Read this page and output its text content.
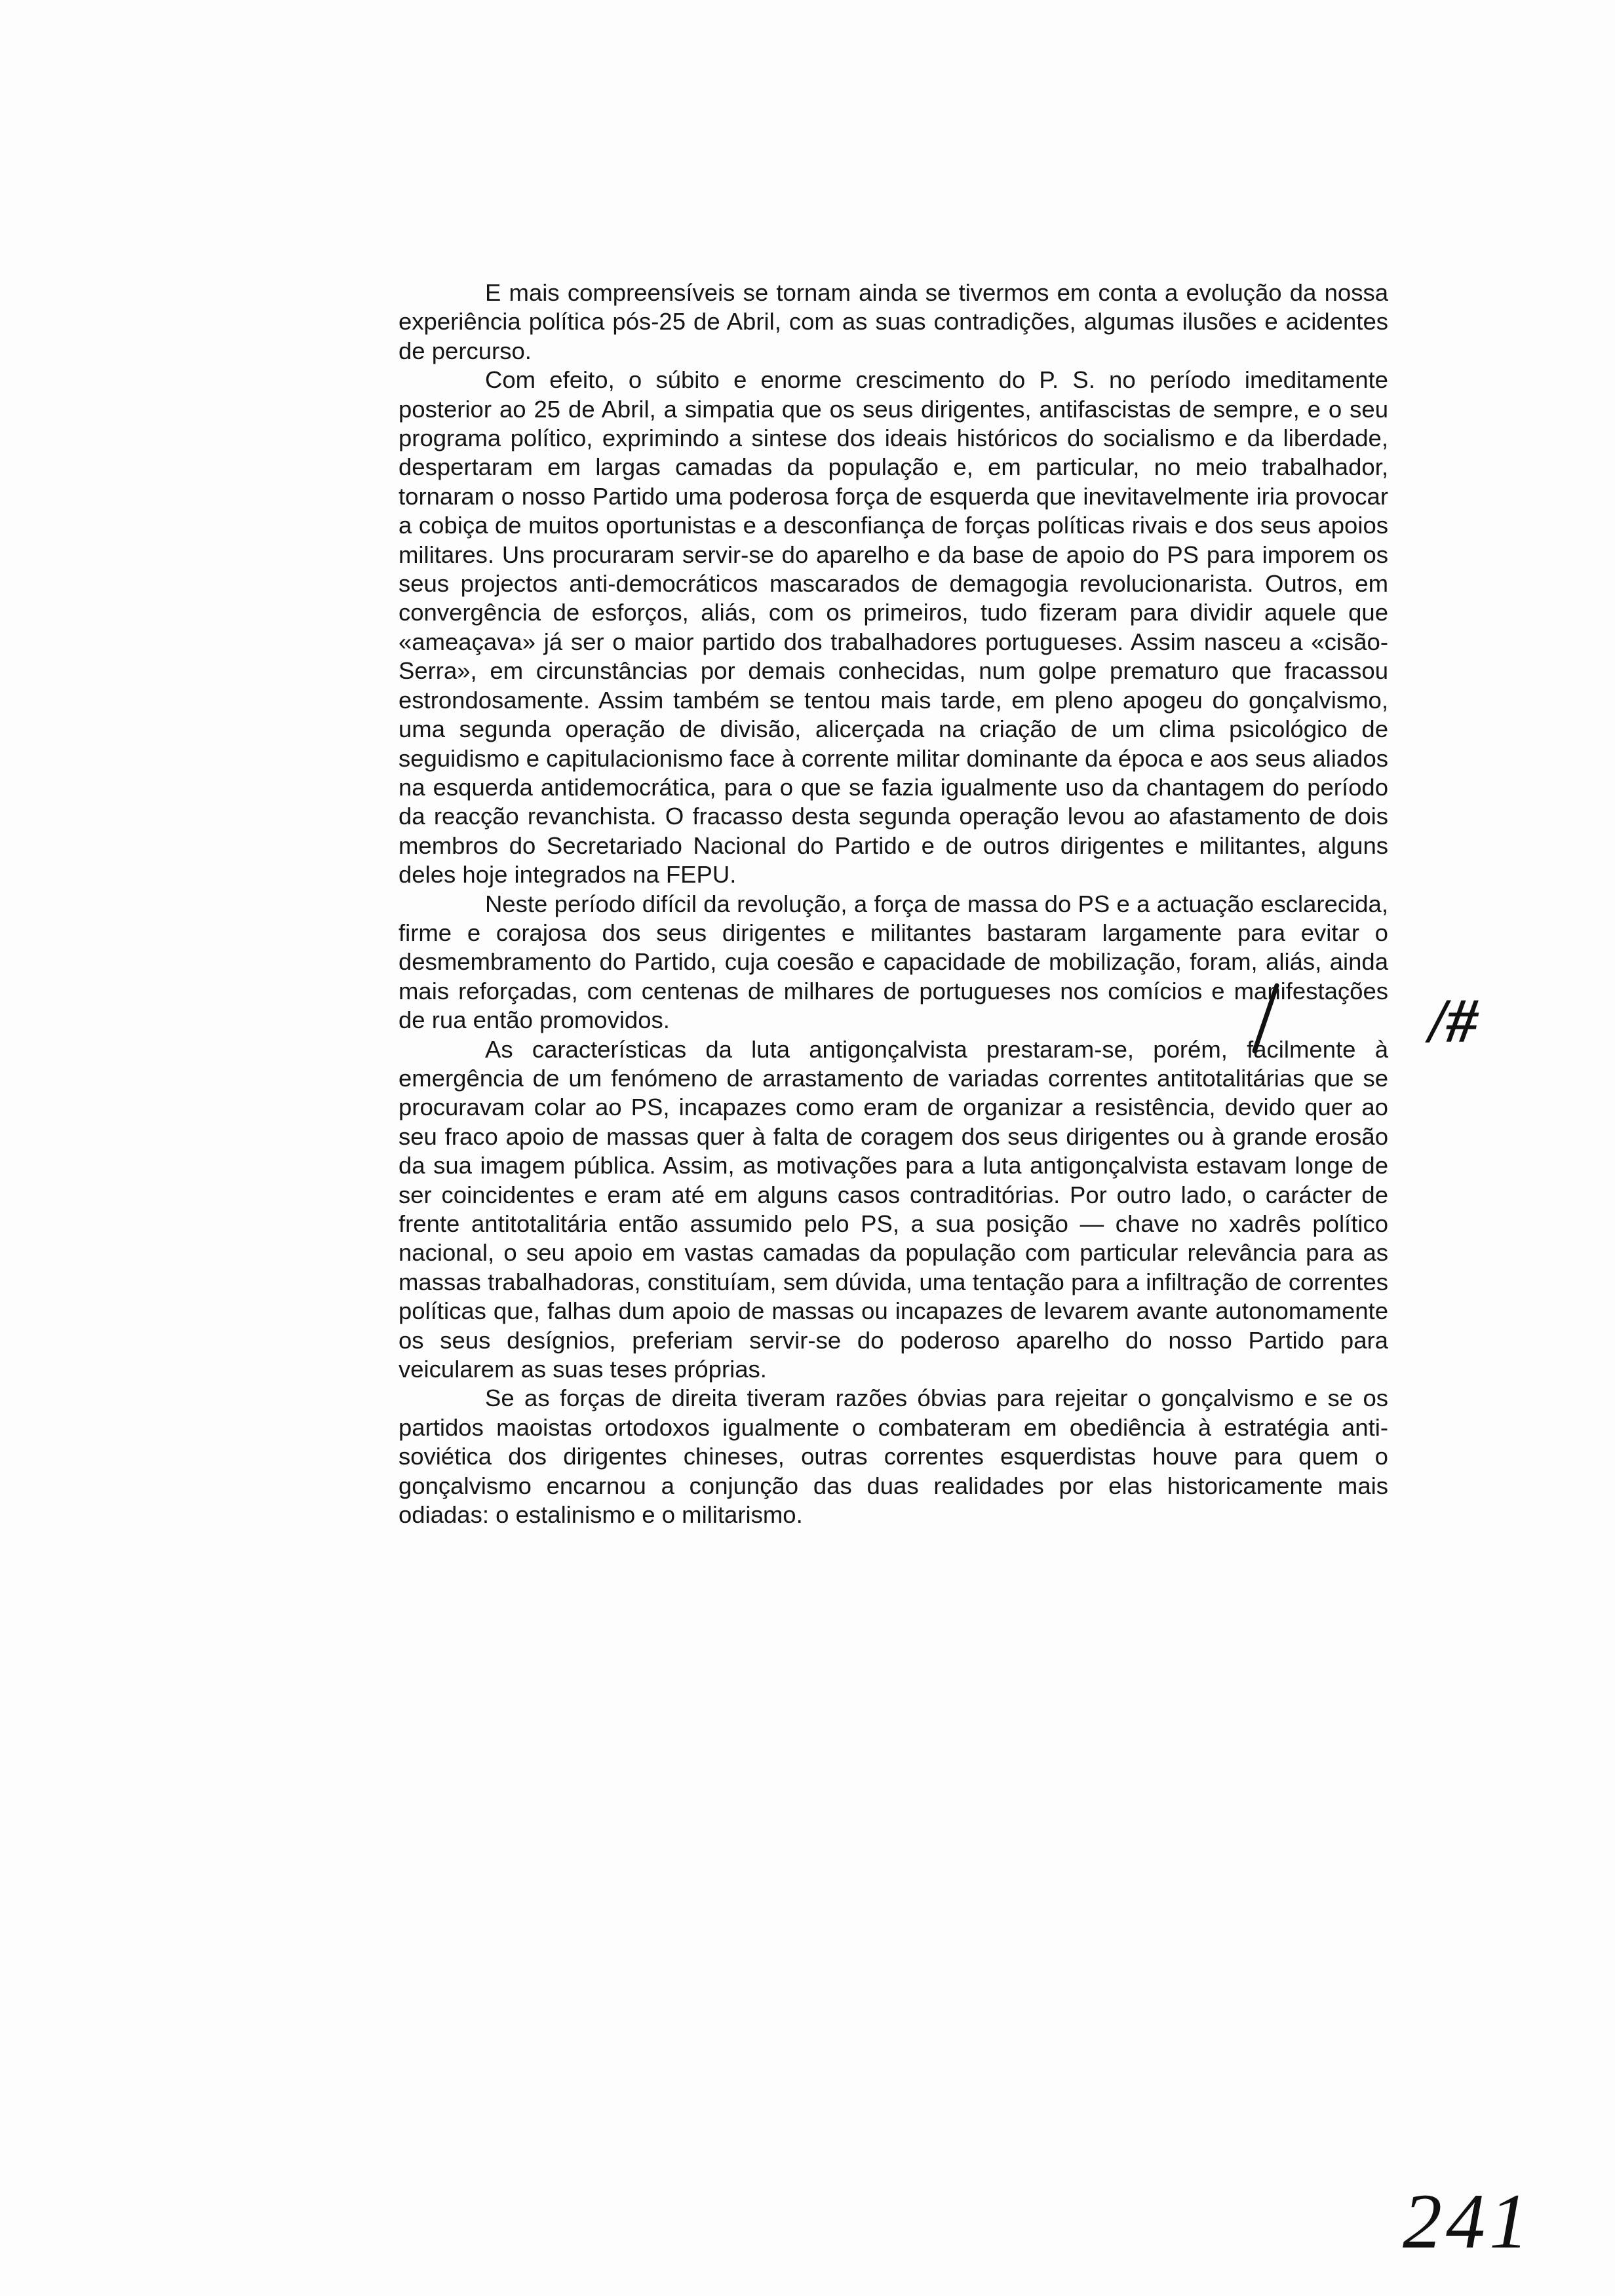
E mais compreensíveis se tornam ainda se tivermos em conta a evolução da nossa experiência política pós-25 de Abril, com as suas contradições, algumas ilusões e acidentes de percurso.

Com efeito, o súbito e enorme crescimento do P. S. no período imeditamente posterior ao 25 de Abril, a simpatia que os seus dirigentes, antifascistas de sempre, e o seu programa político, exprimindo a sintese dos ideais históricos do socialismo e da liberdade, despertaram em largas camadas da população e, em particular, no meio trabalhador, tornaram o nosso Partido uma poderosa força de esquerda que inevitavelmente iria provocar a cobiça de muitos oportunistas e a desconfiança de forças políticas rivais e dos seus apoios militares. Uns procuraram servir-se do aparelho e da base de apoio do PS para imporem os seus projectos anti-democráticos mascarados de demagogia revolucionarista. Outros, em convergência de esforços, aliás, com os primeiros, tudo fizeram para dividir aquele que «ameaçava» já ser o maior partido dos trabalhadores portugueses. Assim nasceu a «cisão-Serra», em circunstâncias por demais conhecidas, num golpe prematuro que fracassou estrondosamente. Assim também se tentou mais tarde, em pleno apogeu do gonçalvismo, uma segunda operação de divisão, alicerçada na criação de um clima psicológico de seguidismo e capitulacionismo face à corrente militar dominante da época e aos seus aliados na esquerda antidemocrática, para o que se fazia igualmente uso da chantagem do período da reacção revanchista. O fracasso desta segunda operação levou ao afastamento de dois membros do Secretariado Nacional do Partido e de outros dirigentes e militantes, alguns deles hoje integrados na FEPU.

Neste período difícil da revolução, a força de massa do PS e a actuação esclarecida, firme e corajosa dos seus dirigentes e militantes bastaram largamente para evitar o desmembramento do Partido, cuja coesão e capacidade de mobilização, foram, aliás, ainda mais reforçadas, com centenas de milhares de portugueses nos comícios e manifestações de rua então promovidos.

As características da luta antigonçalvista prestaram-se, porém, facilmente à emergência de um fenómeno de arrastamento de variadas correntes antitotalitárias que se procuravam colar ao PS, incapazes como eram de organizar a resistência, devido quer ao seu fraco apoio de massas quer à falta de coragem dos seus dirigentes ou à grande erosão da sua imagem pública. Assim, as motivações para a luta antigonçalvista estavam longe de ser coincidentes e eram até em alguns casos contraditórias. Por outro lado, o carácter de frente antitotalitária então assumido pelo PS, a sua posição — chave no xadrês político nacional, o seu apoio em vastas camadas da população com particular relevância para as massas trabalhadoras, constituíam, sem dúvida, uma tentação para a infiltração de correntes políticas que, falhas dum apoio de massas ou incapazes de levarem avante autonomamente os seus desígnios, preferiam servir-se do poderoso aparelho do nosso Partido para veicularem as suas teses próprias.

Se as forças de direita tiveram razões óbvias para rejeitar o gonçalvismo e se os partidos maoistas ortodoxos igualmente o combateram em obediência à estratégia anti-soviética dos dirigentes chineses, outras correntes esquerdistas houve para quem o gonçalvismo encarnou a conjunção das duas realidades por elas historicamente mais odiadas: o estalinismo e o militarismo.

/#
241
